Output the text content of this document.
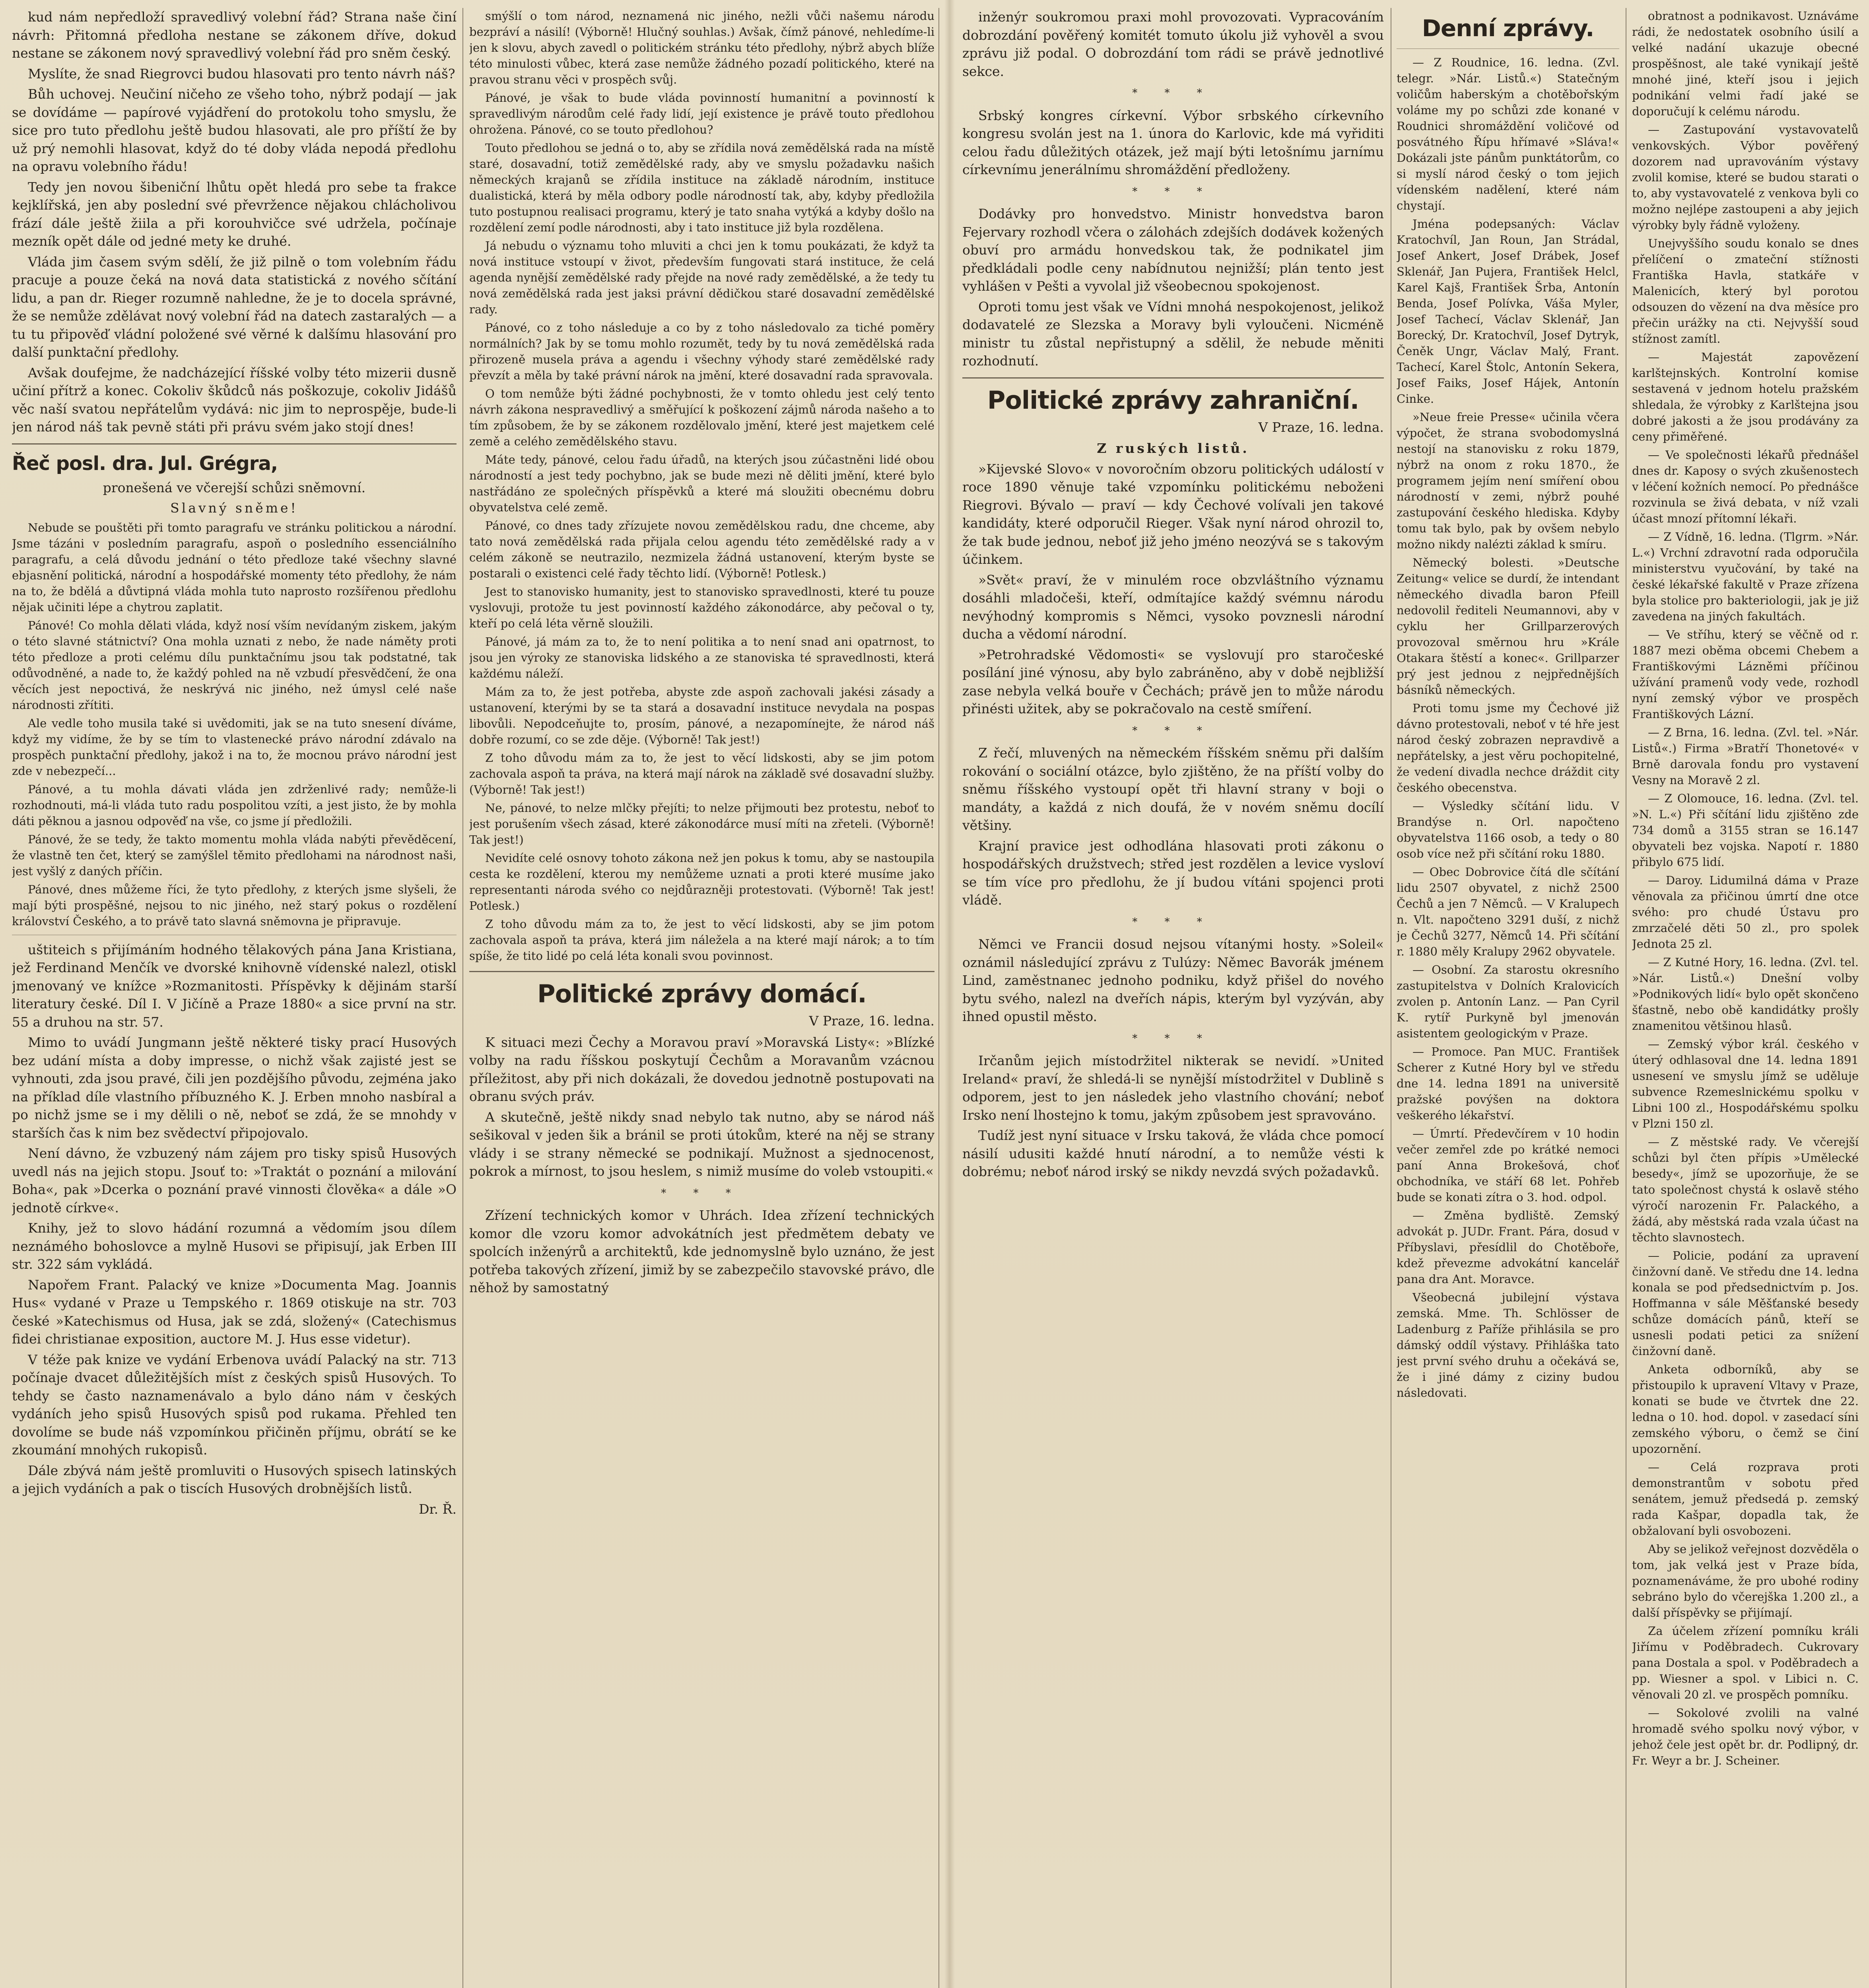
kud nám nepředloží spravedlivý volební řád? Strana naše činí návrh: Přitomná předloha nestane se zákonem dříve, dokud nestane se zákonem nový spravedlivý volební řád pro sněm český.

Myslíte, že snad Riegrovci budou hlasovati pro tento návrh náš?

Bůh uchovej. Neučiní ničeho ze všeho toho, nýbrž podají — jak se dovídáme — papírové vyjádření do protokolu toho smyslu, že sice pro tuto předlohu ještě budou hlasovati, ale pro příští že by už prý nemohli hlasovat, když do té doby vláda nepodá předlohu na opravu volebního řádu!

Tedy jen novou šibeniční lhůtu opět hledá pro sebe ta frakce kejklířská, jen aby poslední své převržence nějakou chlácholivou frází dále ještě žiila a při korouhvičce své udržela, počínaje mezník opět dále od jedné mety ke druhé.

Vláda jim časem svým sdělí, že již pilně o tom volebním řádu pracuje a pouze čeká na nová data statistická z nového sčítání lidu, a pan dr. Rieger rozumně nahledne, že je to docela správné, že se nemůže zdělávat nový volební řád na datech zastaralých — a tu tu připověď vládní položené své věrné k dalšímu hlasování pro další punktační předlohy.

Avšak doufejme, že nadcházející říšské volby této mizerii dusně učiní přítrž a konec. Cokoliv škůdců nás poškozuje, cokoliv Jidášů věc naší svatou nepřátelům vydává: nic jim to neprospěje, bude-li jen národ náš tak pevně státi při právu svém jako stojí dnes!

Řeč posl. dra. Jul. Grégra,
pronešená ve včerejší schůzi sněmovní.
Slavný sněme!

Nebude se pouštěti při tomto paragrafu ve stránku politickou a národní. Jsme tázáni v posledním paragrafu, aspoň o posledního essenciálního paragrafu, a celá důvodu jednání o této předloze také všechny slavné ebjasnění politická, národní a hospodářské momenty této předlohy, že nám na to, že bdělá a důvtipná vláda mohla tuto naprosto rozšířenou předlohu nějak učiniti lépe a chytrou zaplatit.

Pánové! Co mohla dělati vláda, když nosí vším nevídaným ziskem, jakým o této slavné státnictví? Ona mohla uznati z nebo, že nade náměty proti této předloze a proti celému dílu punktačnímu jsou tak podstatné, tak odůvodněné, a nade to, že každý pohled na ně vzbudí přesvědčení, že ona věcích jest nepoctivá, že neskrývá nic jiného, než úmysl celé naše národnosti zřítiti.

Ale vedle toho musila také si uvědomiti, jak se na tuto snesení díváme, když my vidíme, že by se tím to vlastenecké právo národní zdávalo na prospěch punktační předlohy, jakož i na to, že mocnou právo národní jest zde v nebezpečí...

Pánové, a tu mohla dávati vláda jen zdrženlivé rady; nemůže-li rozhodnouti, má-li vláda tuto radu pospolitou vzíti, a jest jisto, že by mohla dáti pěknou a jasnou odpověď na vše, co jsme jí předložili.

Pánové, že se tedy, že takto momentu mohla vláda nabýti převěděcení, že vlastně ten čet, který se zamýšlel těmito předlohami na národnost naši, jest vyšlý z daných příčin.

Pánové, dnes můžeme říci, že tyto předlohy, z kterých jsme slyšeli, že mají býti prospěšné, nejsou to nic jiného, než starý pokus o rozdělení království Českého, a to právě tato slavná sněmovna je připravuje.

uštiteich s přijímáním hodného tělakových pána Jana Kristiana, jež Ferdinand Menčík ve dvorské knihovně vídenské nalezl, otiskl jmenovaný ve knížce »Rozmanitosti. Příspěvky k dějinám starší literatury české. Díl I. V Jičíně a Praze 1880« a sice první na str. 55 a druhou na str. 57.

Mimo to uvádí Jungmann ještě některé tisky prací Husových bez udání místa a doby impresse, o nichž však zajisté jest se vyhnouti, zda jsou pravé, čili jen pozdějšího původu, zejména jako na příklad díle vlastního příbuzného K. J. Erben mnoho nasbíral a po nichž jsme se i my dělili o ně, neboť se zdá, že se mnohdy v starších čas k nim bez svědectví připojovalo.

Není dávno, že vzbuzený nám zájem pro tisky spisů Husových uvedl nás na jejich stopu. Jsouť to: »Traktát o poznání a milování Boha«, pak »Dcerka o poznání pravé vinnosti člověka« a dále »O jednotě církve«.

Knihy, jež to slovo hádání rozumná a vědomím jsou dílem neznámého bohoslovce a mylně Husovi se připisují, jak Erben III str. 322 sám vykládá.

Napořem Frant. Palacký ve knize »Documenta Mag. Joannis Hus« vydané v Praze u Tempského r. 1869 otiskuje na str. 703 české »Katechismus od Husa, jak se zdá, složený« (Catechismus fidei christianae exposition, auctore M. J. Hus esse videtur).

V téže pak knize ve vydání Erbenova uvádí Palacký na str. 713 počínaje dvacet důležitějších míst z českých spisů Husových. To tehdy se často naznamenávalo a bylo dáno nám v českých vydáních jeho spisů Husových spisů pod rukama. Přehled ten dovolíme se bude náš vzpomínkou přičiněn příjmu, obrátí se ke zkoumání mnohých rukopisů.

Dále zbývá nám ještě promluviti o Husových spisech latinských a jejich vydáních a pak o tiscích Husových drobnějších listů.

Dr. Ř.

smýšlí o tom národ, neznamená nic jiného, nežli vůči našemu národu bezpráví a násilí! (Výborně! Hlučný souhlas.) Avšak, čímž pánové, nehledíme-li jen k slovu, abych zavedl o politickém stránku této předlohy, nýbrž abych blíže této minulosti vůbec, která zase nemůže žádného pozadí politického, které na pravou stranu věci v prospěch svůj.

Pánové, je však to bude vláda povinností humanitní a povinností k spravedlivým národům celé řady lidí, její existence je právě touto předlohou ohrožena. Pánové, co se touto předlohou?

Touto předlohou se jedná o to, aby se zřídila nová zemědělská rada na místě staré, dosavadní, totiž zemědělské rady, aby ve smyslu požadavku našich německých krajanů se zřídila instituce na základě národním, instituce dualistická, která by měla odbory podle národností tak, aby, kdyby předložila tuto postupnou realisaci programu, který je tato snaha vytýká a kdyby došlo na rozdělení zemí podle národnosti, aby i tato instituce již byla rozdělena.

Já nebudu o významu toho mluviti a chci jen k tomu poukázati, že když ta nová instituce vstoupí v život, především fungovati stará instituce, že celá agenda nynější zemědělské rady přejde na nové rady zemědělské, a že tedy tu nová zemědělská rada jest jaksi právní dědičkou staré dosavadní zemědělské rady.

Pánové, co z toho následuje a co by z toho následovalo za tiché poměry normálních? Jak by se tomu mohlo rozumět, tedy by tu nová zemědělská rada přirozeně musela práva a agendu i všechny výhody staré zemědělské rady převzít a měla by také právní nárok na jmění, které dosavadní rada spravovala.

O tom nemůže býti žádné pochybnosti, že v tomto ohledu jest celý tento návrh zákona nespravedlivý a směřující k poškození zájmů národa našeho a to tím způsobem, že by se zákonem rozdělovalo jmění, které jest majetkem celé země a celého zemědělského stavu.

Máte tedy, pánové, celou řadu úřadů, na kterých jsou zúčastněni lidé obou národností a jest tedy pochybno, jak se bude mezi ně děliti jmění, které bylo nastřádáno ze společných příspěvků a které má sloužiti obecnému dobru obyvatelstva celé země.

Pánové, co dnes tady zřízujete novou zemědělskou radu, dne chceme, aby tato nová zemědělská rada přijala celou agendu této zemědělské rady a v celém zákoně se neutrazilo, nezmizela žádná ustanovení, kterým byste se postarali o existenci celé řady těchto lidí. (Výborně! Potlesk.)

Jest to stanovisko humanity, jest to stanovisko spravedlnosti, které tu pouze vyslovuji, protože tu jest povinností každého zákonodárce, aby pečoval o ty, kteří po celá léta věrně sloužili.

Pánové, já mám za to, že to není politika a to není snad ani opatrnost, to jsou jen výroky ze stanoviska lidského a ze stanoviska té spravedlnosti, která každému náleží.

Mám za to, že jest potřeba, abyste zde aspoň zachovali jakési zásady a ustanovení, kterými by se ta stará a dosavadní instituce nevydala na pospas libovůli. Nepodceňujte to, prosím, pánové, a nezapomínejte, že národ náš dobře rozumí, co se zde děje. (Výborně! Tak jest!)

Z toho důvodu mám za to, že jest to věcí lidskosti, aby se jim potom zachovala aspoň ta práva, na která mají nárok na základě své dosavadní služby. (Výborně! Tak jest!)

Ne, pánové, to nelze mlčky přejíti; to nelze přijmouti bez protestu, neboť to jest porušením všech zásad, které zákonodárce musí míti na zřeteli. (Výborně! Tak jest!)

Nevidíte celé osnovy tohoto zákona než jen pokus k tomu, aby se nastoupila cesta ke rozdělení, kterou my nemůžeme uznati a proti které musíme jako representanti národa svého co nejdůrazněji protestovati. (Výborně! Tak jest! Potlesk.)

Z toho důvodu mám za to, že jest to věcí lidskosti, aby se jim potom zachovala aspoň ta práva, která jim náležela a na které mají nárok; a to tím spíše, že tito lidé po celá léta konali svou povinnost.

Politické zprávy domácí.
V Praze, 16. ledna.

K situaci mezi Čechy a Moravou praví »Moravská Listy«: »Blízké volby na radu říšskou poskytují Čechům a Moravanům vzácnou příležitost, aby při nich dokázali, že dovedou jednotně postupovati na obranu svých práv.

A skutečně, ještě nikdy snad nebylo tak nutno, aby se národ náš sešikoval v jeden šik a bránil se proti útokům, které na něj se strany vlády i se strany německé se podnikají. Mužnost a sjednocenost, pokrok a mírnost, to jsou heslem, s nimiž musíme do voleb vstoupiti.«

* * *

Zřízení technických komor v Uhrách. Idea zřízení technických komor dle vzoru komor advokátních jest předmětem debaty ve spolcích inženýrů a architektů, kde jednomyslně bylo uznáno, že jest potřeba takových zřízení, jimiž by se zabezpečilo stavovské právo, dle něhož by samostatný

inženýr soukromou praxi mohl provozovati. Vypracováním dobrozdání pověřený komitét tomuto úkolu již vyhověl a svou zprávu již podal. O dobrozdání tom rádi se právě jednotlivé sekce.

* * *

Srbský kongres církevní. Výbor srbského církevního kongresu svolán jest na 1. února do Karlovic, kde má vyřiditi celou řadu důležitých otázek, jež mají býti letošnímu jarnímu církevnímu jenerálnímu shromáždění předloženy.

* * *

Dodávky pro honvedstvo. Ministr honvedstva baron Fejervary rozhodl včera o zálohách zdejších dodávek kožených obuví pro armádu honvedskou tak, že podnikatel jim předkládali podle ceny nabídnutou nejnižší; plán tento jest vyhlášen v Pešti a vyvolal již všeobecnou spokojenost.

Oproti tomu jest však ve Vídni mnohá nespokojenost, jelikož dodavatelé ze Slezska a Moravy byli vyloučeni. Nicméně ministr tu zůstal nepřistupný a sdělil, že nebude měniti rozhodnutí.

Politické zprávy zahraniční.
V Praze, 16. ledna.
Z ruských listů.

»Kijevské Slovo« v novoročním obzoru politických událostí v roce 1890 věnuje také vzpomínku politickému neboženi Riegrovi. Bývalo — praví — kdy Čechové volívali jen takové kandidáty, které odporučil Rieger. Však nyní národ ohrozil to, že tak bude jednou, neboť již jeho jméno neozývá se s takovým účinkem.

»Svět« praví, že v minulém roce obzvláštního významu dosáhli mladočeši, kteří, odmítajíce každý svémnu národu nevýhodný kompromis s Němci, vysoko povznesli národní ducha a vědomí národní.

»Petrohradské Vědomosti« se vyslovují pro staročeské posílání jiné výnosu, aby bylo zabráněno, aby v době nejbližší zase nebyla velká bouře v Čechách; právě jen to může národu přinésti užitek, aby se pokračovalo na cestě smíření.

* * *

Z řečí, mluvených na německém říšském sněmu při dalším rokování o sociální otázce, bylo zjištěno, že na příští volby do sněmu říšského vystoupí opět tři hlavní strany v boji o mandáty, a každá z nich doufá, že v novém sněmu docílí většiny.

Krajní pravice jest odhodlána hlasovati proti zákonu o hospodářských družstvech; střed jest rozdělen a levice vysloví se tím více pro předlohu, že jí budou vítáni spojenci proti vládě.

* * *

Němci ve Francii dosud nejsou vítanými hosty. »Soleil« oznámil následující zprávu z Tulúzy: Němec Bavorák jménem Lind, zaměstnanec jednoho podniku, když přišel do nového bytu svého, nalezl na dveřích nápis, kterým byl vyzýván, aby ihned opustil město.

* * *

Irčanům jejich místodržitel nikterak se nevidí. »United Ireland« praví, že shledá-li se nynější místodržitel v Dublině s odporem, jest to jen následek jeho vlastního chování; neboť Irsko není lhostejno k tomu, jakým způsobem jest spravováno.

Tudíž jest nyní situace v Irsku taková, že vláda chce pomocí násilí udusiti každé hnutí národní, a to nemůže vésti k dobrému; neboť národ irský se nikdy nevzdá svých požadavků.

Denní zprávy.

— Z Roudnice, 16. ledna. (Zvl. telegr. »Nár. Listů.«) Statečným voličům haberským a chotěbořským voláme my po schůzi zde konané v Roudnici shromáždění voličové od posvátného Řípu hřímavé »Sláva!« Dokázali jste pánům punktátorům, co si myslí národ český o tom jejich vídenském nadělení, které nám chystají.

Jména podepsaných: Václav Kratochvíl, Jan Roun, Jan Strádal, Josef Ankert, Josef Drábek, Josef Sklenář, Jan Pujera, František Helcl, Karel Kajš, František Šrba, Antonín Benda, Josef Polívka, Váša Myler, Josef Tachecí, Václav Sklenář, Jan Borecký, Dr. Kratochvíl, Josef Dytryk, Čeněk Ungr, Václav Malý, Frant. Tachecí, Karel Štolc, Antonín Sekera, Josef Faiks, Josef Hájek, Antonín Cinke.

»Neue freie Presse« učinila včera výpočet, že strana svobodomyslná nestojí na stanovisku z roku 1879, nýbrž na onom z roku 1870., že programem jejím není smíření obou národností v zemi, nýbrž pouhé zastupování českého hlediska. Kdyby tomu tak bylo, pak by ovšem nebylo možno nikdy nalézti základ k smíru.

Německý bolesti. »Deutsche Zeitung« velice se durdí, že intendant německého divadla baron Pfeill nedovolil řediteli Neumannovi, aby v cyklu her Grillparzerových provozoval směrnou hru »Krále Otakara štěstí a konec«. Grillparzer prý jest jednou z nejpřednějších básníků německých.

Proti tomu jsme my Čechové již dávno protestovali, neboť v té hře jest národ český zobrazen nepravdivě a nepřátelsky, a jest věru pochopitelné, že vedení divadla nechce dráždit city českého obecenstva.

— Výsledky sčítání lidu. V Brandýse n. Orl. napočteno obyvatelstva 1166 osob, a tedy o 80 osob více než při sčítání roku 1880.

— Obec Dobrovice čítá dle sčítání lidu 2507 obyvatel, z nichž 2500 Čechů a jen 7 Němců. — V Kralupech n. Vlt. napočteno 3291 duší, z nichž je Čechů 3277, Němců 14. Při sčítání r. 1880 měly Kralupy 2962 obyvatele.

— Osobní. Za starostu okresního zastupitelstva v Dolních Kralovicích zvolen p. Antonín Lanz. — Pan Cyril K. rytíř Purkyně byl jmenován asistentem geologickým v Praze.

— Promoce. Pan MUC. František Scherer z Kutné Hory byl ve středu dne 14. ledna 1891 na universitě pražské povýšen na doktora veškerého lékařství.

— Úmrtí. Předevčírem v 10 hodin večer zemřel zde po krátké nemoci paní Anna Brokešová, choť obchodníka, ve stáří 68 let. Pohřeb bude se konati zítra o 3. hod. odpol.

— Změna bydliště. Zemský advokát p. JUDr. Frant. Pára, dosud v Příbyslavi, přesídlil do Chotěboře, kdež převezme advokátní kancelář pana dra Ant. Moravce.

Všeobecná jubilejní výstava zemská. Mme. Th. Schlösser de Ladenburg z Paříže přihlásila se pro dámský oddíl výstavy. Přihláška tato jest první svého druhu a očekává se, že i jiné dámy z ciziny budou následovati.

obratnost a podnikavost. Uznáváme rádi, že nedostatek osobního úsilí a velké nadání ukazuje obecné prospěšnost, ale také vynikají ještě mnohé jiné, kteří jsou i jejich podnikání velmi řadí jaké se doporučují k celému národu.

— Zastupování vystavovatelů venkovských. Výbor pověřený dozorem nad upravováním výstavy zvolil komise, které se budou starati o to, aby vystavovatelé z venkova byli co možno nejlépe zastoupeni a aby jejich výrobky byly řádně vyloženy.

Unejvyššího soudu konalo se dnes přelíčení o zmateční stížnosti Františka Havla, statkáře v Malenicích, který byl porotou odsouzen do vězení na dva měsíce pro přečin urážky na cti. Nejvyšší soud stížnost zamítl.

— Majestát zapovězení karlštejnských. Kontrolní komise sestavená v jednom hotelu pražském shledala, že výrobky z Karlštejna jsou dobré jakosti a že jsou prodávány za ceny přiměřené.

— Ve společnosti lékařů přednášel dnes dr. Kaposy o svých zkušenostech v léčení kožních nemocí. Po přednášce rozvinula se živá debata, v níž vzali účast mnozí přítomní lékaři.

— Z Vídně, 16. ledna. (Tlgrm. »Nár. L.«) Vrchní zdravotní rada odporučila ministerstvu vyučování, by také na české lékařské fakultě v Praze zřízena byla stolice pro bakteriologii, jak je již zavedena na jiných fakultách.

— Ve stříhu, který se věčně od r. 1887 mezi oběma obcemi Chebem a Františkovými Lázněmi příčinou užívání pramenů vody vede, rozhodl nyní zemský výbor ve prospěch Františkových Lázní.

— Z Brna, 16. ledna. (Zvl. tel. »Nár. Listů«.) Firma »Bratří Thonetové« v Brně darovala fondu pro vystavení Vesny na Moravě 2 zl.

— Z Olomouce, 16. ledna. (Zvl. tel. »N. L.«) Při sčítání lidu zjištěno zde 734 domů a 3155 stran se 16.147 obyvateli bez vojska. Napotí r. 1880 přibylo 675 lidí.

— Daroy. Lidumilná dáma v Praze věnovala za přičinou úmrtí dne otce svého: pro chudé Ústavu pro zmrzačelé děti 50 zl., pro spolek Jednota 25 zl.

— Z Kutné Hory, 16. ledna. (Zvl. tel. »Nár. Listů.«) Dnešní volby »Podnikových lidí« bylo opět skončeno šťastně, nebo obě kandidátky prošly znamenitou většinou hlasů.

— Zemský výbor král. českého v úterý odhlasoval dne 14. ledna 1891 usnesení ve smyslu jímž se uděluje subvence Rzemeslnickému spolku v Libni 100 zl., Hospodářskému spolku v Plzni 150 zl.

— Z městské rady. Ve včerejší schůzi byl čten přípis »Umělecké besedy«, jímž se upozorňuje, že se tato společnost chystá k oslavě stého výročí narozenin Fr. Palackého, a žádá, aby městská rada vzala účast na těchto slavnostech.

— Policie, podání za upravení činžovní daně. Ve středu dne 14. ledna konala se pod předsednictvím p. Jos. Hoffmanna v sále Měšťanské besedy schůze domácích pánů, kteří se usnesli podati petici za snížení činžovní daně.

Anketa odborníků, aby se přistoupilo k upravení Vltavy v Praze, konati se bude ve čtvrtek dne 22. ledna o 10. hod. dopol. v zasedací síni zemského výboru, o čemž se činí upozornění.

— Celá rozprava proti demonstrantům v sobotu před senátem, jemuž předsedá p. zemský rada Kašpar, dopadla tak, že obžalovaní byli osvobozeni.

Aby se jelikož veřejnost dozvěděla o tom, jak velká jest v Praze bída, poznamenáváme, že pro ubohé rodiny sebráno bylo do včerejška 1.200 zl., a další příspěvky se přijímají.

Za účelem zřízení pomníku králi Jiřímu v Poděbradech. Cukrovary pana Dostala a spol. v Poděbradech a pp. Wiesner a spol. v Libici n. C. věnovali 20 zl. ve prospěch pomníku.

— Sokolové zvolili na valné hromadě svého spolku nový výbor, v jehož čele jest opět br. dr. Podlipný, dr. Fr. Weyr a br. J. Scheiner.
